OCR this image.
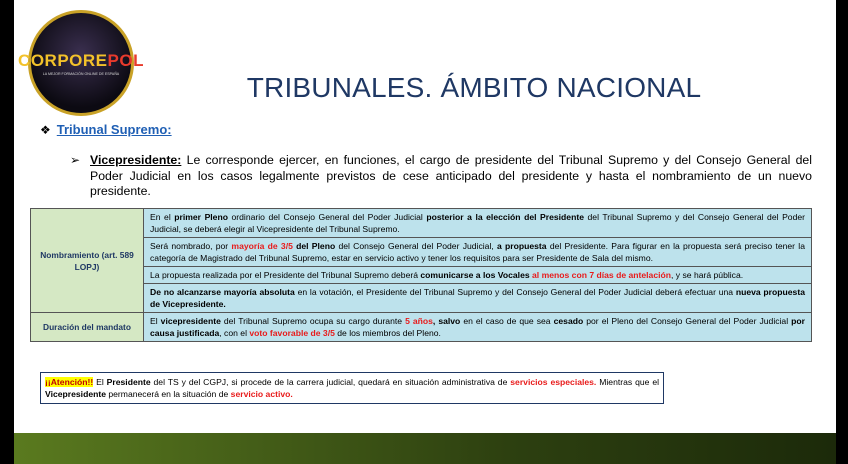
CORPOREPOL
LA MEJOR FORMACIÓN ONLINE DE ESPAÑA	TRIBUNALES. ÁMBITO NACIONAL
❖ Tribunal Supremo:
➢ Vicepresidente: Le corresponde ejercer, en funciones, el cargo de presidente del Tribunal Supremo y del Consejo General del Poder Judicial en los casos legalmente previstos de cese anticipado del presidente y hasta el nombramiento de un nuevo presidente.
Nombramiento (art. 589 LOPJ)	En el primer Pleno ordinario del Consejo General del Poder Judicial posterior a la elección del Presidente del Tribunal Supremo y del Consejo General del Poder Judicial, se deberá elegir al Vicepresidente del Tribunal Supremo.
	Será nombrado, por mayoría de 3/5 del Pleno del Consejo General del Poder Judicial, a propuesta del Presidente. Para figurar en la propuesta será preciso tener la categoría de Magistrado del Tribunal Supremo, estar en servicio activo y tener los requisitos para ser Presidente de Sala del mismo.
	La propuesta realizada por el Presidente del Tribunal Supremo deberá comunicarse a los Vocales al menos con 7 días de antelación, y se hará pública.
	De no alcanzarse mayoría absoluta en la votación, el Presidente del Tribunal Supremo y del Consejo General del Poder Judicial deberá efectuar una nueva propuesta de Vicepresidente.
Duración del mandato	El vicepresidente del Tribunal Supremo ocupa su cargo durante 5 años, salvo en el caso de que sea cesado por el Pleno del Consejo General del Poder Judicial por causa justificada, con el voto favorable de 3/5 de los miembros del Pleno.
¡¡Atención!! El Presidente del TS y del CGPJ, si procede de la carrera judicial, quedará en situación administrativa de servicios especiales. Mientras que el Vicepresidente permanecerá en la situación de servicio activo.
